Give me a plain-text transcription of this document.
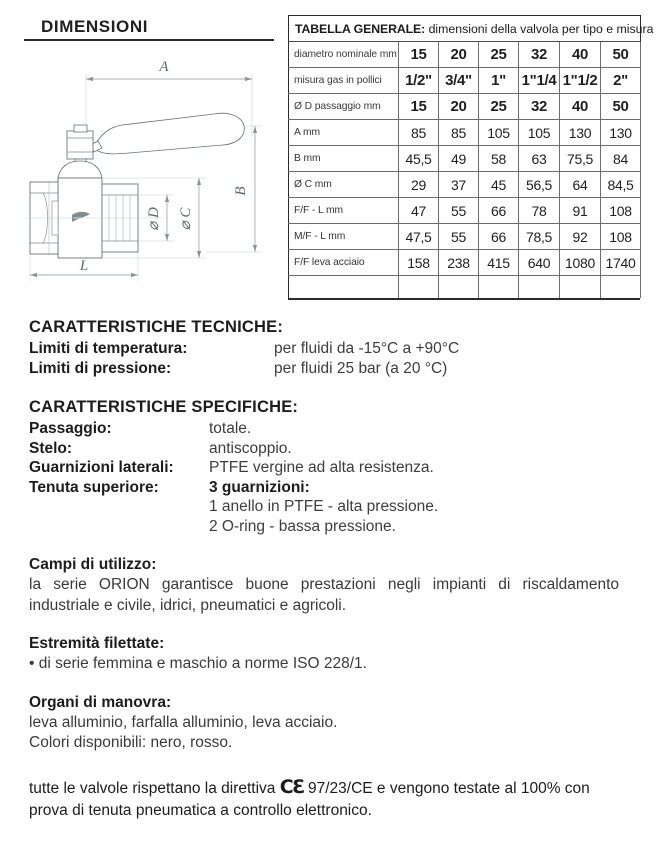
DIMENSIONI
A
B
⌀ C
⌀ D
L
TABELLA GENERALE: dimensioni della valvola per tipo e misura						
diametro nominale mm	15	20	25	32	40	50
misura gas in pollici	1/2"	3/4"	1"	1"1/4	1"1/2	2"
Ø D passaggio mm	15	20	25	32	40	50
A mm	85	85	105	105	130	130
B mm	45,5	49	58	63	75,5	84
Ø C mm	29	37	45	56,5	64	84,5
F/F - L mm	47	55	66	78	91	108
M/F - L mm	47,5	55	66	78,5	92	108
F/F leva acciaio	158	238	415	640	1080	1740

CARATTERISTICHE TECNICHE:
Limiti di temperatura:	per fluidi da -15°C a +90°C
Limiti di pressione:	per fluidi 25 bar (a 20 °C)
CARATTERISTICHE SPECIFICHE:
Passaggio:	totale.
Stelo:	antiscoppio.
Guarnizioni laterali:	PTFE vergine ad alta resistenza.
Tenuta superiore:	3 guarnizioni:
1 anello in PTFE - alta pressione.
2 O-ring - bassa pressione.
Campi di utilizzo:
la serie ORION garantisce buone prestazioni negli impianti di riscaldamento industriale e civile, idrici, pneumatici e agricoli.
Estremità filettate:
• di serie femmina e maschio a norme ISO 228/1.
Organi di manovra:
leva alluminio, farfalla alluminio, leva acciaio.
Colori disponibili: nero, rosso.
tutte le valvole rispettano la direttiva CƐ 97/23/CE e vengono testate al 100% con prova di tenuta pneumatica a controllo elettronico.
